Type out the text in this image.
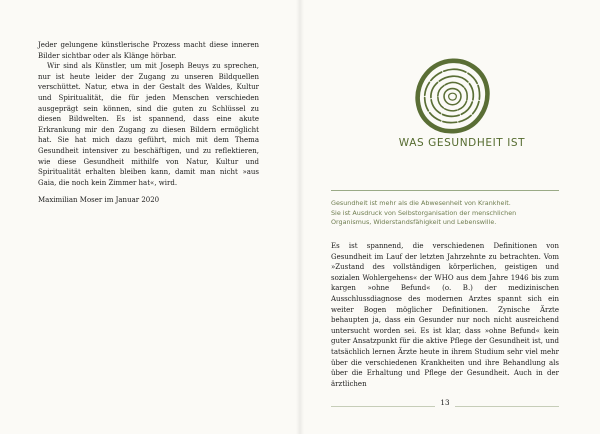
Jeder gelungene künstlerische Prozess macht diese inneren Bilder sichtbar oder als Klänge hörbar.

Wir sind als Künstler, um mit Joseph Beuys zu sprechen, nur ist heute leider der Zugang zu unseren Bildquellen verschüttet. Natur, etwa in der Gestalt des Waldes, Kultur und Spiritualität, die für jeden Menschen verschieden ausgeprägt sein können, sind die guten zu Schlüssel zu diesen Bildwelten. Es ist spannend, dass eine akute Erkrankung mir den Zugang zu diesen Bildern ermöglicht hat. Sie hat mich dazu geführt, mich mit dem Thema Gesundheit intensiver zu beschäftigen, und zu reflektieren, wie diese Gesundheit mithilfe von Natur, Kultur und Spiritualität erhalten bleiben kann, damit man nicht »aus Gaia, die noch kein Zimmer hat«, wird.

Maximilian Moser im Januar 2020
WAS GESUNDHEIT IST

Gesundheit ist mehr als die Abwesenheit von Krankheit.

Sie ist Ausdruck von Selbstorganisation der menschlichen

Organismus, Widerstandsfähigkeit und Lebenswille.

Es ist spannend, die verschiedenen Definitionen von Gesundheit im Lauf der letzten Jahrzehnte zu betrachten. Vom »Zustand des vollständigen körperlichen, geistigen und sozialen Wohlergehens« der WHO aus dem Jahre 1946 bis zum kargen »ohne Befund« (o. B.) der medizinischen Ausschlussdiagnose des modernen Arztes spannt sich ein weiter Bogen möglicher Definitionen. Zynische Ärzte behaupten ja, dass ein Gesunder nur noch nicht ausreichend untersucht worden sei. Es ist klar, dass »ohne Befund« kein guter Ansatzpunkt für die aktive Pflege der Gesundheit ist, und tatsächlich lernen Ärzte heute in ihrem Studium sehr viel mehr über die verschiedenen Krankheiten und ihre Behandlung als über die Erhaltung und Pflege der Gesundheit. Auch in der ärztlichen

13
